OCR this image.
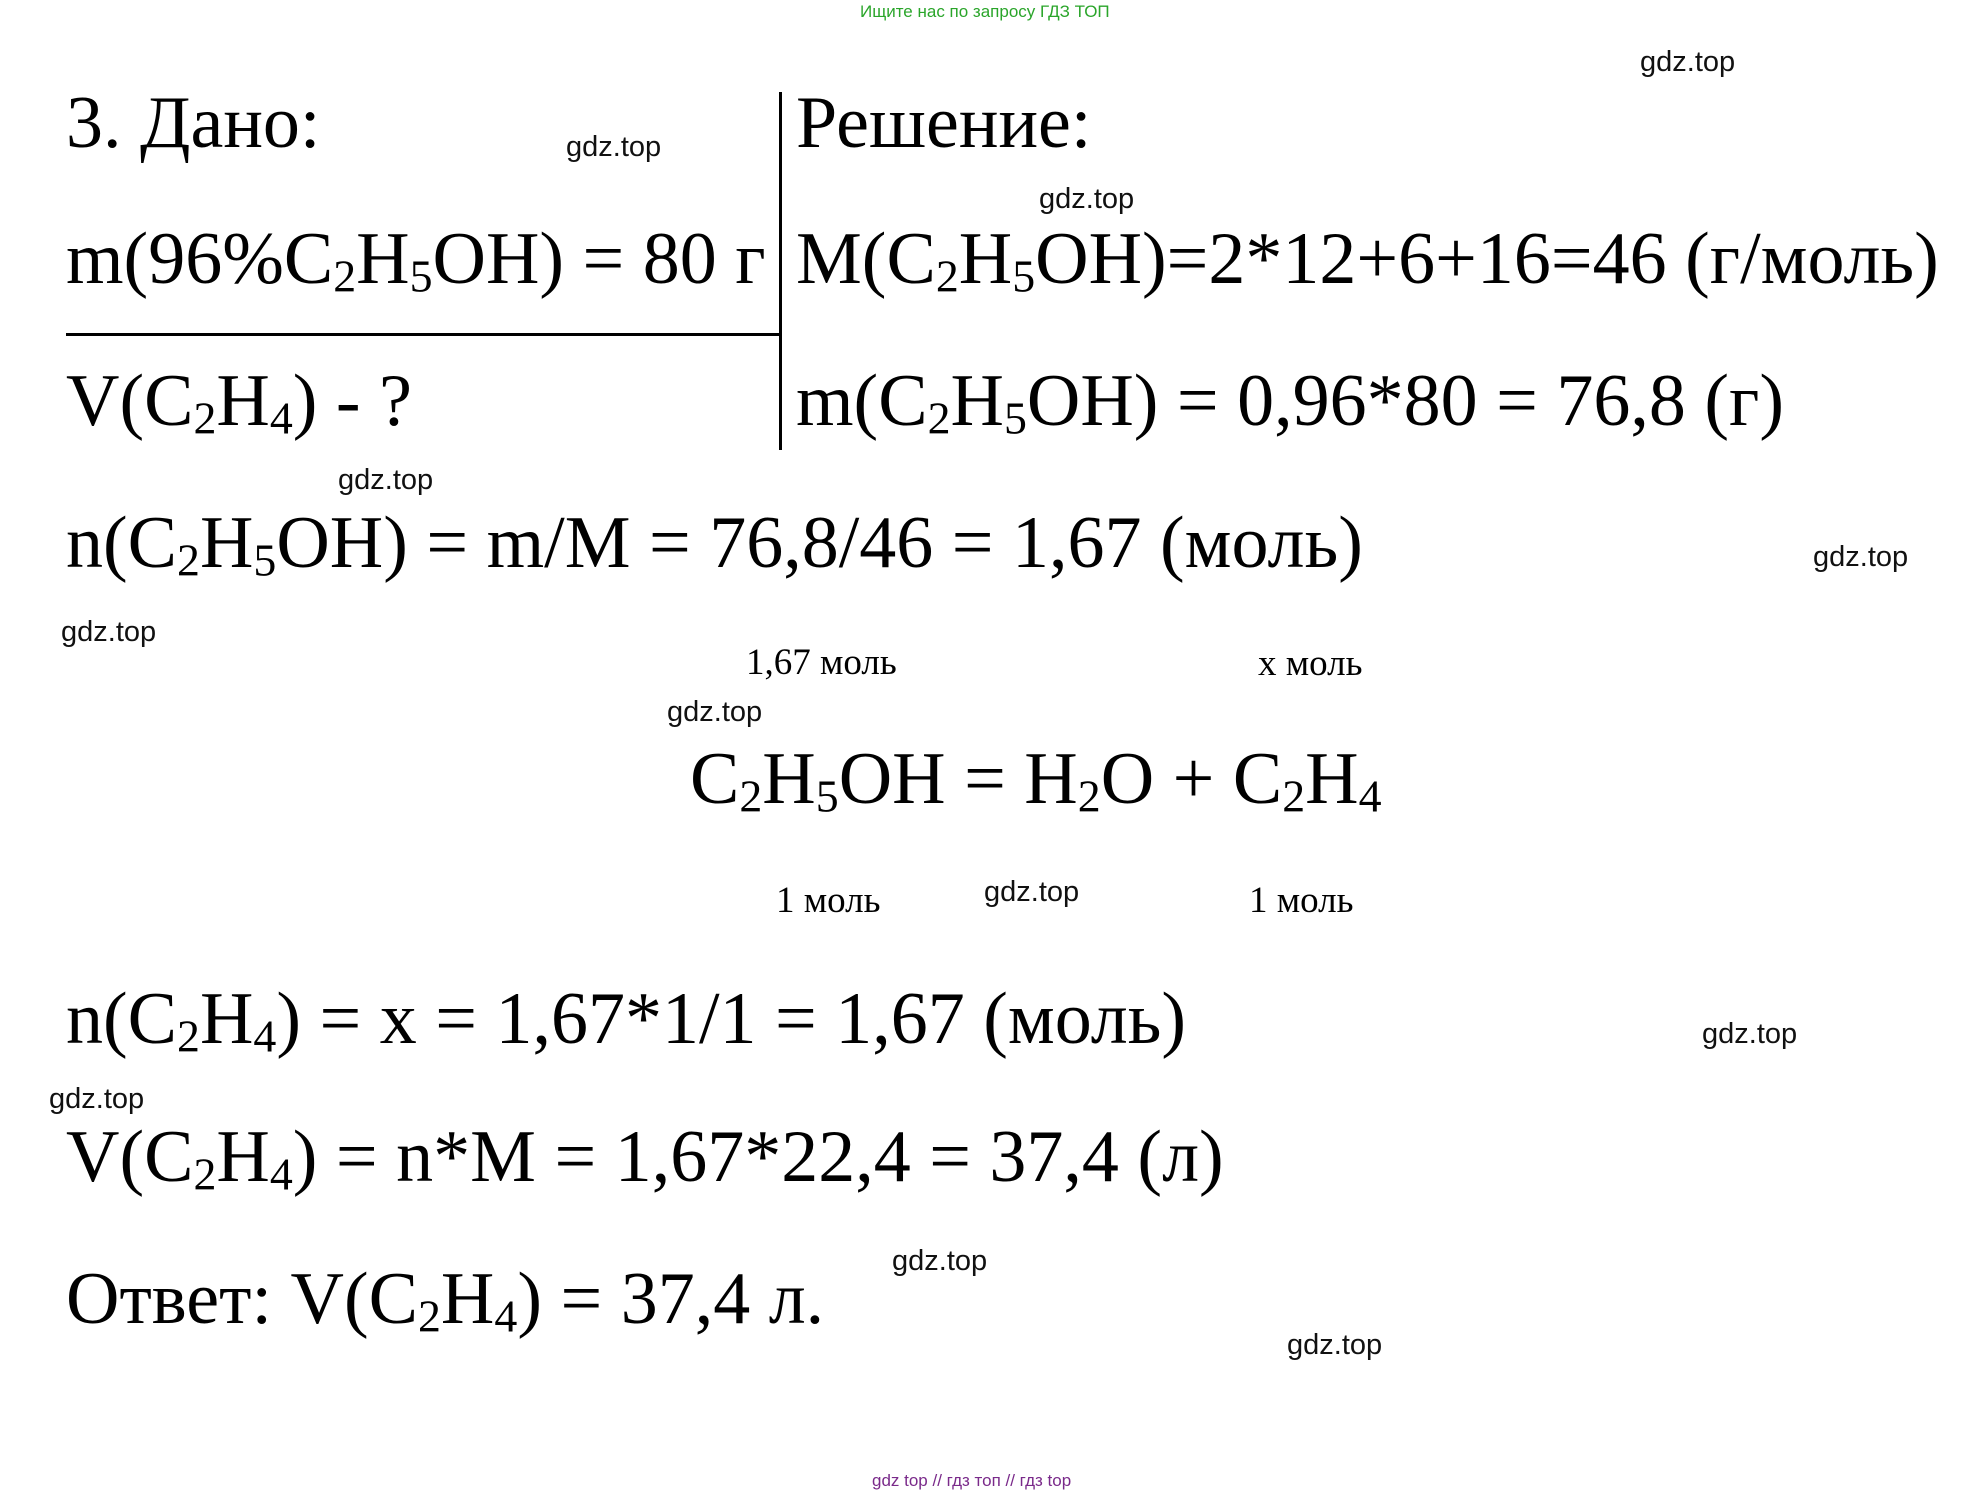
Ищите нас по запросу ГДЗ ТОП
3. Дано:
$m(96\%C_2H_5OH) = 80$ г
$V(C_2H_4)$ - ?
Решение:
$M(C_2H_5OH)=2*12+6+16=46$ (г/моль)
$m(C_2H_5OH) = 0,96*80 = 76,8$ (г)
$n(C_2H_5OH) = m/M = 76,8/46 = 1,67$ (моль)
1,67 моль	х моль
$C_2H_5OH = H_2O + C_2H_4$
1 моль	1 моль
$n(C_2H_4) = х = 1,67*1/1 = 1,67$ (моль)
$V(C_2H_4) = n*M = 1,67*22,4 = 37,4$ (л)
Ответ: $V(C_2H_4) = 37,4$ л.
gdz.top
gdz.top
gdz.top
gdz.top
gdz.top
gdz.top
gdz.top
gdz.top
gdz.top
gdz.top
gdz.top
gdz.top
gdz top // гдз топ // гдз top
